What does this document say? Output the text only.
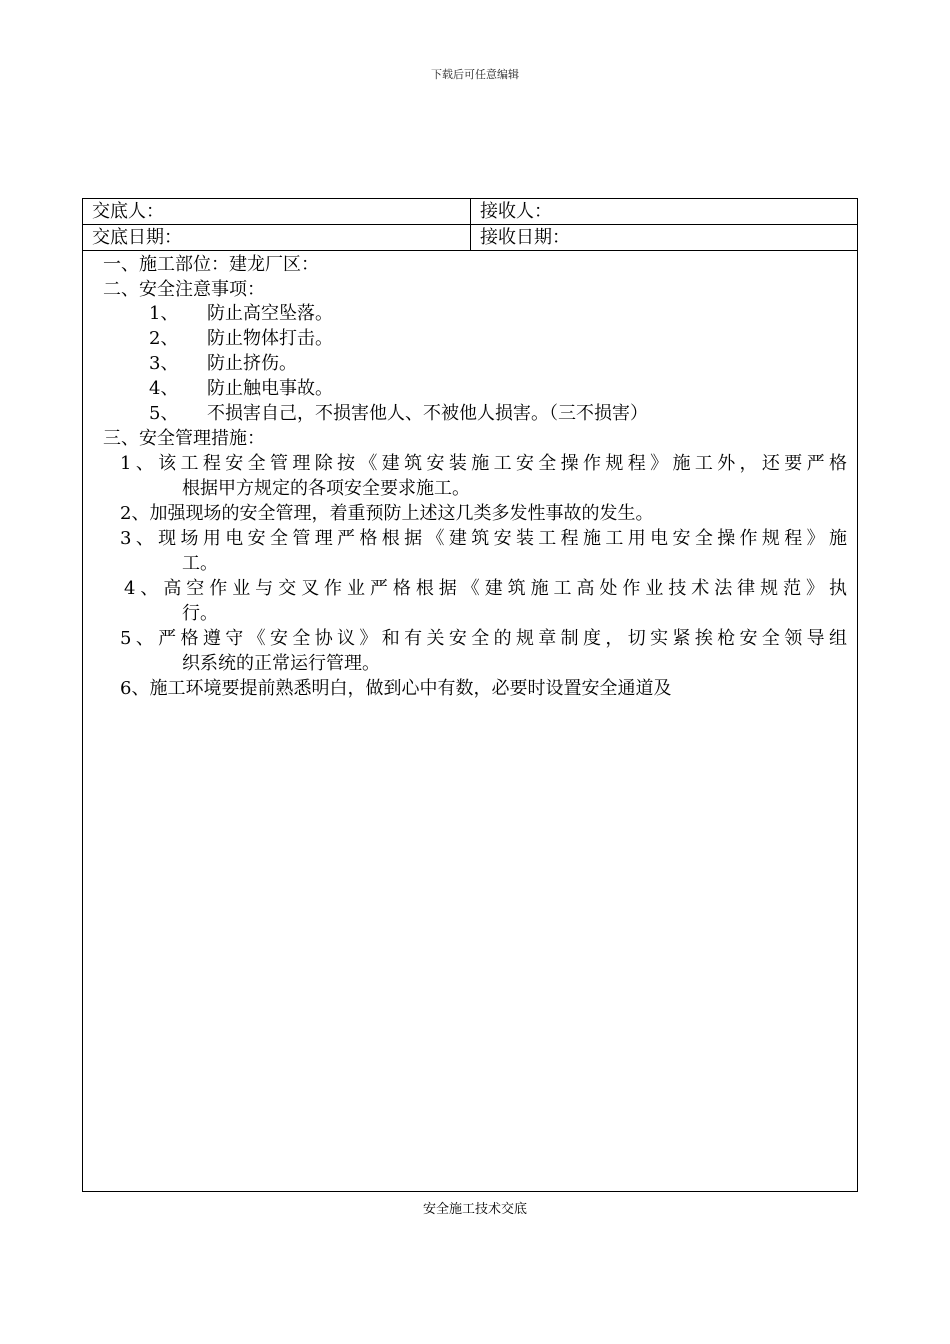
下载后可任意编辑
交底人：	接收人：
交底日期：	接收日期：
一、施工部位：建龙厂区：
二、安全注意事项：
1、 防止高空坠落。
2、 防止物体打击。
3、 防止挤伤。
4、 防止触电事故。
5、 不损害自己，不损害他人、不被他人损害。（三不损害）
三、安全管理措施：
1、该工程安全管理除按《建筑安装施工安全操作规程》施工外，还要严格
根据甲方规定的各项安全要求施工。
2、加强现场的安全管理，着重预防上述这几类多发性事故的发生。
3、现场用电安全管理严格根据《建筑安装工程施工用电安全操作规程》施
工。
4、高空作业与交叉作业严格根据《建筑施工高处作业技术法律规范》执
行。
5、严格遵守《安全协议》和有关安全的规章制度，切实紧挨枪安全领导组
织系统的正常运行管理。
6、施工环境要提前熟悉明白，做到心中有数，必要时设置安全通道及
安全施工技术交底
